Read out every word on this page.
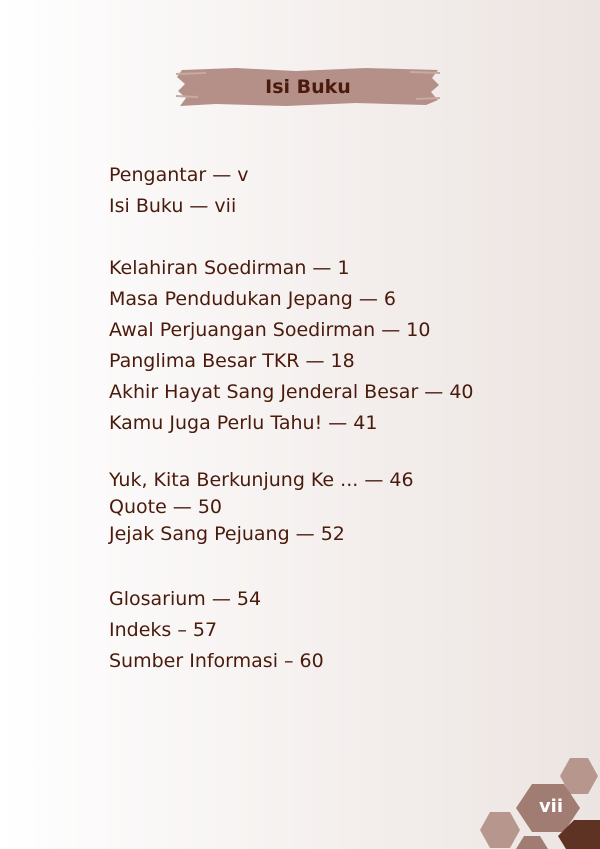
Isi Buku
Pengantar — v
Isi Buku — vii
Kelahiran Soedirman — 1
Masa Pendudukan Jepang — 6
Awal Perjuangan Soedirman — 10
Panglima Besar TKR — 18
Akhir Hayat Sang Jenderal Besar — 40
Kamu Juga Perlu Tahu! — 41
Yuk, Kita Berkunjung Ke ... — 46
Quote — 50
Jejak Sang Pejuang — 52
Glosarium — 54
Indeks – 57
Sumber Informasi – 60
vii
